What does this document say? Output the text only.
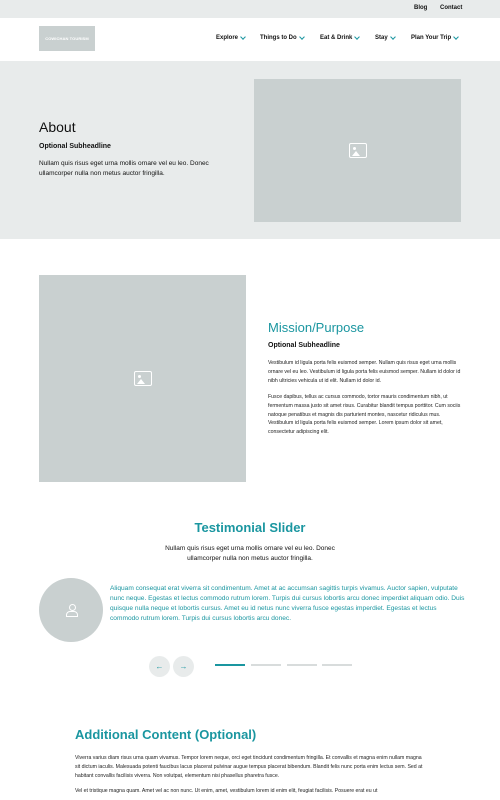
Blog Contact
COWICHAN TOURISM	Explore	Things to Do	Eat & Drink	Stay	Plan Your Trip
About
Optional Subheadline

Nullam quis risus eget urna mollis ornare vel eu leo. Donec ullamcorper nulla non metus auctor fringilla.

Mission/Purpose
Optional Subheadline

Vestibulum id ligula porta felis euismod semper. Nullam quis risus eget urna mollis ornare vel eu leo. Vestibulum id ligula porta felis euismod semper. Nullam id dolor id nibh ultricies vehicula ut id elit. Nullam id dolor id.

Fusce dapibus, tellus ac cursus commodo, tortor mauris condimentum nibh, ut fermentum massa justo sit amet risus. Curabitur blandit tempus porttitor. Cum sociis natoque penatibus et magnis dis parturient montes, nascetur ridiculus mus. Vestibulum id ligula porta felis euismod semper. Lorem ipsum dolor sit amet, consectetur adipiscing elit.

Testimonial Slider

Nullam quis risus eget urna mollis ornare vel eu leo. Donec ullamcorper nulla non metus auctor fringilla.

Aliquam consequat erat viverra sit condimentum. Amet at ac accumsan sagittis turpis vivamus. Auctor sapien, vulputate nunc neque. Egestas et lectus commodo rutrum lorem. Turpis dui cursus lobortis arcu donec imperdiet aliquam odio. Duis quisque nulla neque et lobortis cursus. Amet eu id netus nunc viverra fusce egestas imperdiet. Egestas et lectus commodo rutrum lorem. Turpis dui cursus lobortis arcu donec.

← →
Additional Content (Optional)

Viverra varius diam risus urna quam vivamus. Tempor lorem neque, orci eget tincidunt condimentum fringilla. Et convallis et magna enim nullam magna sit dictum iaculis. Malesuada potenti faucibus lacus placerat pulvinar augue tempus placerat bibendum. Blandit felis nunc porta enim lectus sem. Sed at habitant convallis facilisis viverra. Non volutpat, elementum nisi phasellus pharetra fusce.

Vel et tristique magna quam. Amet vel ac non nunc. Ut enim, amet, vestibulum lorem id enim elit, feugiat facilisis. Posuere erat eu ut
